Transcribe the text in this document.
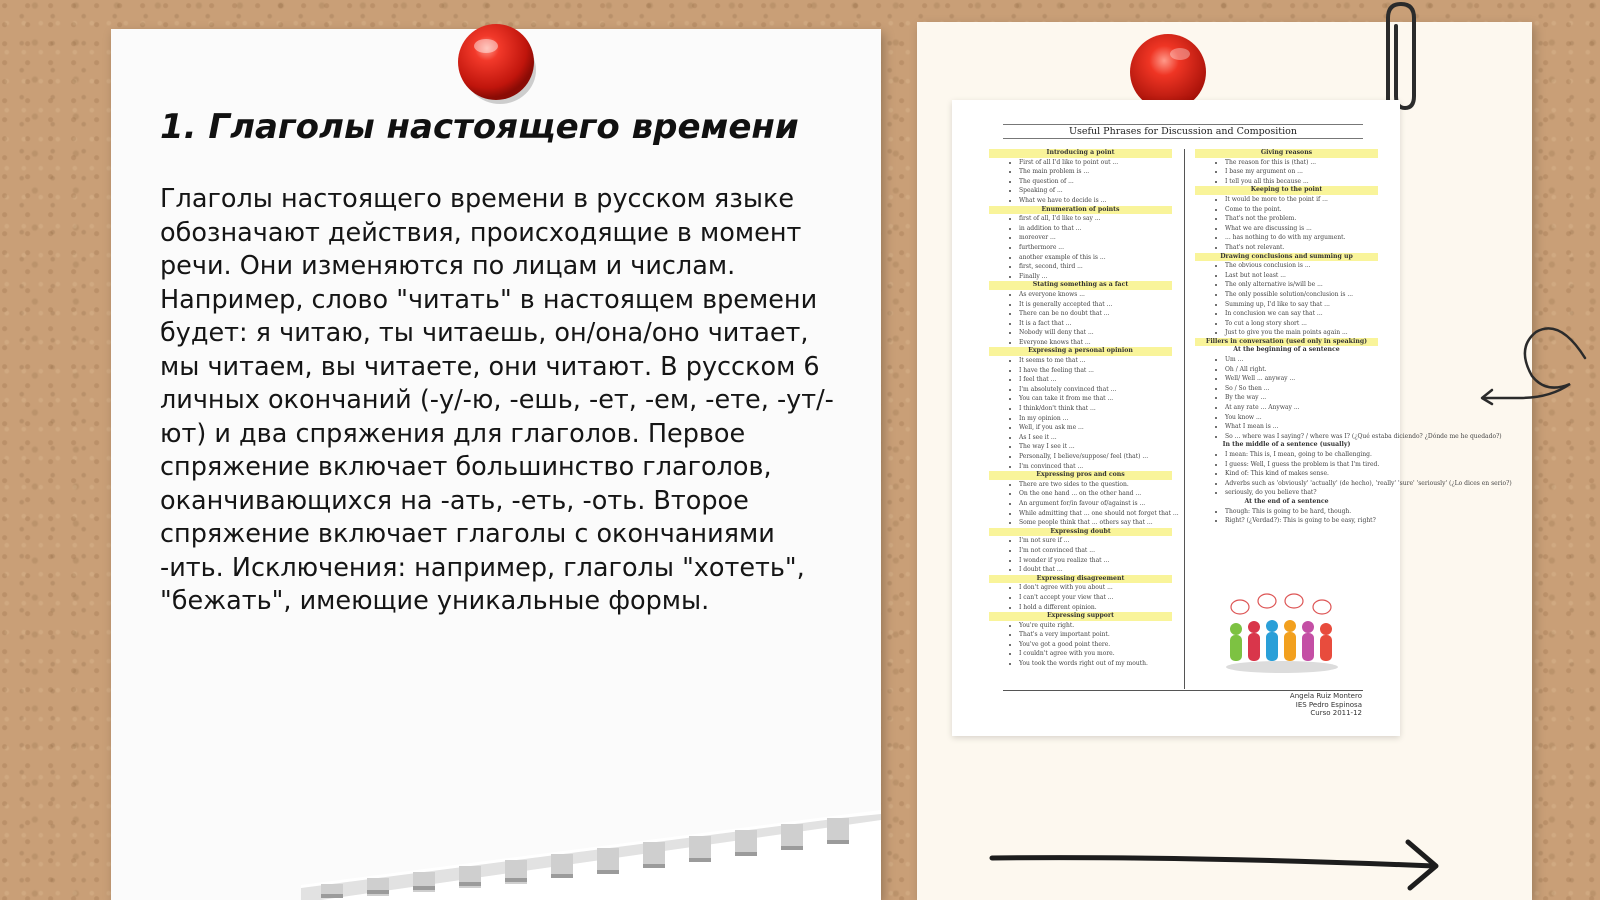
1. Глаголы настоящего времени

Глаголы настоящего времени в русском языке обозначают действия, происходящие в момент речи. Они изменяются по лицам и числам. Например, слово "читать" в настоящем времени будет: я читаю, ты читаешь, он/она/оно читает, мы читаем, вы читаете, они читают. В русском 6 личных окончаний (-у/-ю, -ешь, -ет, -ем, -ете, -ут/-ют) и два спряжения для глаголов. Первое спряжение включает большинство глаголов, оканчивающихся на -ать, -еть, -оть. Второе спряжение включает глаголы с окончаниями -ить. Исключения: например, глаголы "хотеть", "бежать", имеющие уникальные формы.

Useful Phrases for Discussion and Composition
Introducing a point
• First of all I'd like to point out ...
• The main problem is ...
• The question of ...
• Speaking of ...
• What we have to decide is ...
Enumeration of points
• first of all, I'd like to say ...
• in addition to that ...
• moreover ...
• furthermore ...
• another example of this is ...
• first, second, third ...
• Finally ...
Stating something as a fact
• As everyone knows ...
• It is generally accepted that ...
• There can be no doubt that ...
• It is a fact that ...
• Nobody will deny that ...
• Everyone knows that ...
Expressing a personal opinion
• It seems to me that ...
• I have the feeling that ...
• I feel that ...
• I'm absolutely convinced that ...
• You can take it from me that ...
• I think/don't think that ...
• In my opinion ...
• Well, if you ask me ...
• As I see it ...
• The way I see it ...
• Personally, I believe/suppose/ feel (that) ...
• I'm convinced that ...
Expressing pros and cons
• There are two sides to the question.
• On the one hand ... on the other hand ...
• An argument for/in favour of/against is ...
• While admitting that ... one should not forget that ...
• Some people think that ... others say that ...
Expressing doubt
• I'm not sure if ...
• I'm not convinced that ...
• I wonder if you realize that ...
• I doubt that ...
Expressing disagreement
• I don't agree with you about ...
• I can't accept your view that ...
• I hold a different opinion.
Expressing support
• You're quite right.
• That's a very important point.
• You've got a good point there.
• I couldn't agree with you more.
• You took the words right out of my mouth.
Giving reasons
• The reason for this is (that) ...
• I base my argument on ...
• I tell you all this because ...
Keeping to the point
• It would be more to the point if ...
• Come to the point.
• That's not the problem.
• What we are discussing is ...
• ... has nothing to do with my argument.
• That's not relevant.
Drawing conclusions and summing up
• The obvious conclusion is ...
• Last but not least ...
• The only alternative is/will be ...
• The only possible solution/conclusion is ...
• Summing up, I'd like to say that ...
• In conclusion we can say that ...
• To cut a long story short ...
• Just to give you the main points again ...
Fillers in conversation (used only in speaking)
At the beginning of a sentence
• Um ...
• Oh / All right.
• Well/ Well ... anyway ...
• So / So then ...
• By the way ...
• At any rate ... Anyway ...
• You know ...
• What I mean is ...
• So ... where was I saying? / where was I? (¿Qué estaba diciendo? ¿Dónde me he quedado?)
In the middle of a sentence (usually)
• I mean: This is, I mean, going to be challenging.
• I guess: Well, I guess the problem is that I'm tired.
• Kind of: This kind of makes sense.
• Adverbs such as 'obviously' 'actually' (de hecho), 'really' 'sure' 'seriously' (¿Lo dices en serio?)
• seriously, do you believe that?
At the end of a sentence
• Though: This is going to be hard, though.
• Right? (¿Verdad?): This is going to be easy, right?
Angela Ruiz Montero
IES Pedro Espinosa
Curso 2011-12
